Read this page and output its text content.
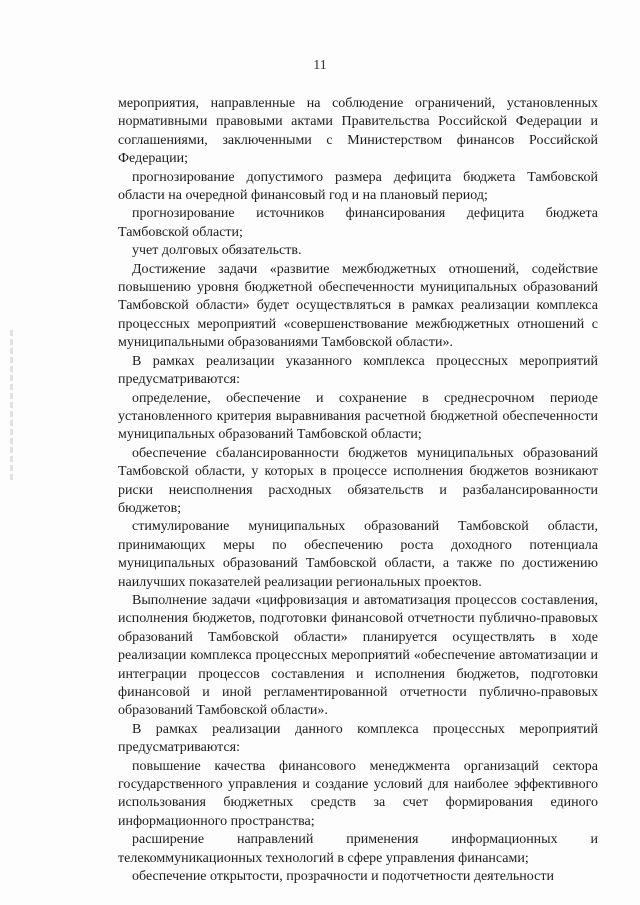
11

мероприятия, направленные на соблюдение ограничений, установленных нормативными правовыми актами Правительства Российской Федерации и соглашениями, заключенными с Министерством финансов Российской Федерации;

прогнозирование допустимого размера дефицита бюджета Тамбовской области на очередной финансовый год и на плановый период;

прогнозирование источников финансирования дефицита бюджета Тамбовской области;

учет долговых обязательств.

Достижение задачи «развитие межбюджетных отношений, содействие повышению уровня бюджетной обеспеченности муниципальных образований Тамбовской области» будет осуществляться в рамках реализации комплекса процессных мероприятий «совершенствование межбюджетных отношений с муниципальными образованиями Тамбовской области».

В рамках реализации указанного комплекса процессных мероприятий предусматриваются:

определение, обеспечение и сохранение в среднесрочном периоде установленного критерия выравнивания расчетной бюджетной обеспеченности муниципальных образований Тамбовской области;

обеспечение сбалансированности бюджетов муниципальных образований Тамбовской области, у которых в процессе исполнения бюджетов возникают риски неисполнения расходных обязательств и разбалансированности бюджетов;

стимулирование муниципальных образований Тамбовской области, принимающих меры по обеспечению роста доходного потенциала муниципальных образований Тамбовской области, а также по достижению наилучших показателей реализации региональных проектов.

Выполнение задачи «цифровизация и автоматизация процессов составления, исполнения бюджетов, подготовки финансовой отчетности публично-правовых образований Тамбовской области» планируется осуществлять в ходе реализации комплекса процессных мероприятий «обеспечение автоматизации и интеграции процессов составления и исполнения бюджетов, подготовки финансовой и иной регламентированной отчетности публично-правовых образований Тамбовской области».

В рамках реализации данного комплекса процессных мероприятий предусматриваются:

повышение качества финансового менеджмента организаций сектора государственного управления и создание условий для наиболее эффективного использования бюджетных средств за счет формирования единого информационного пространства;

расширение направлений применения информационных и телекоммуникационных технологий в сфере управления финансами;

обеспечение открытости, прозрачности и подотчетности деятельности
